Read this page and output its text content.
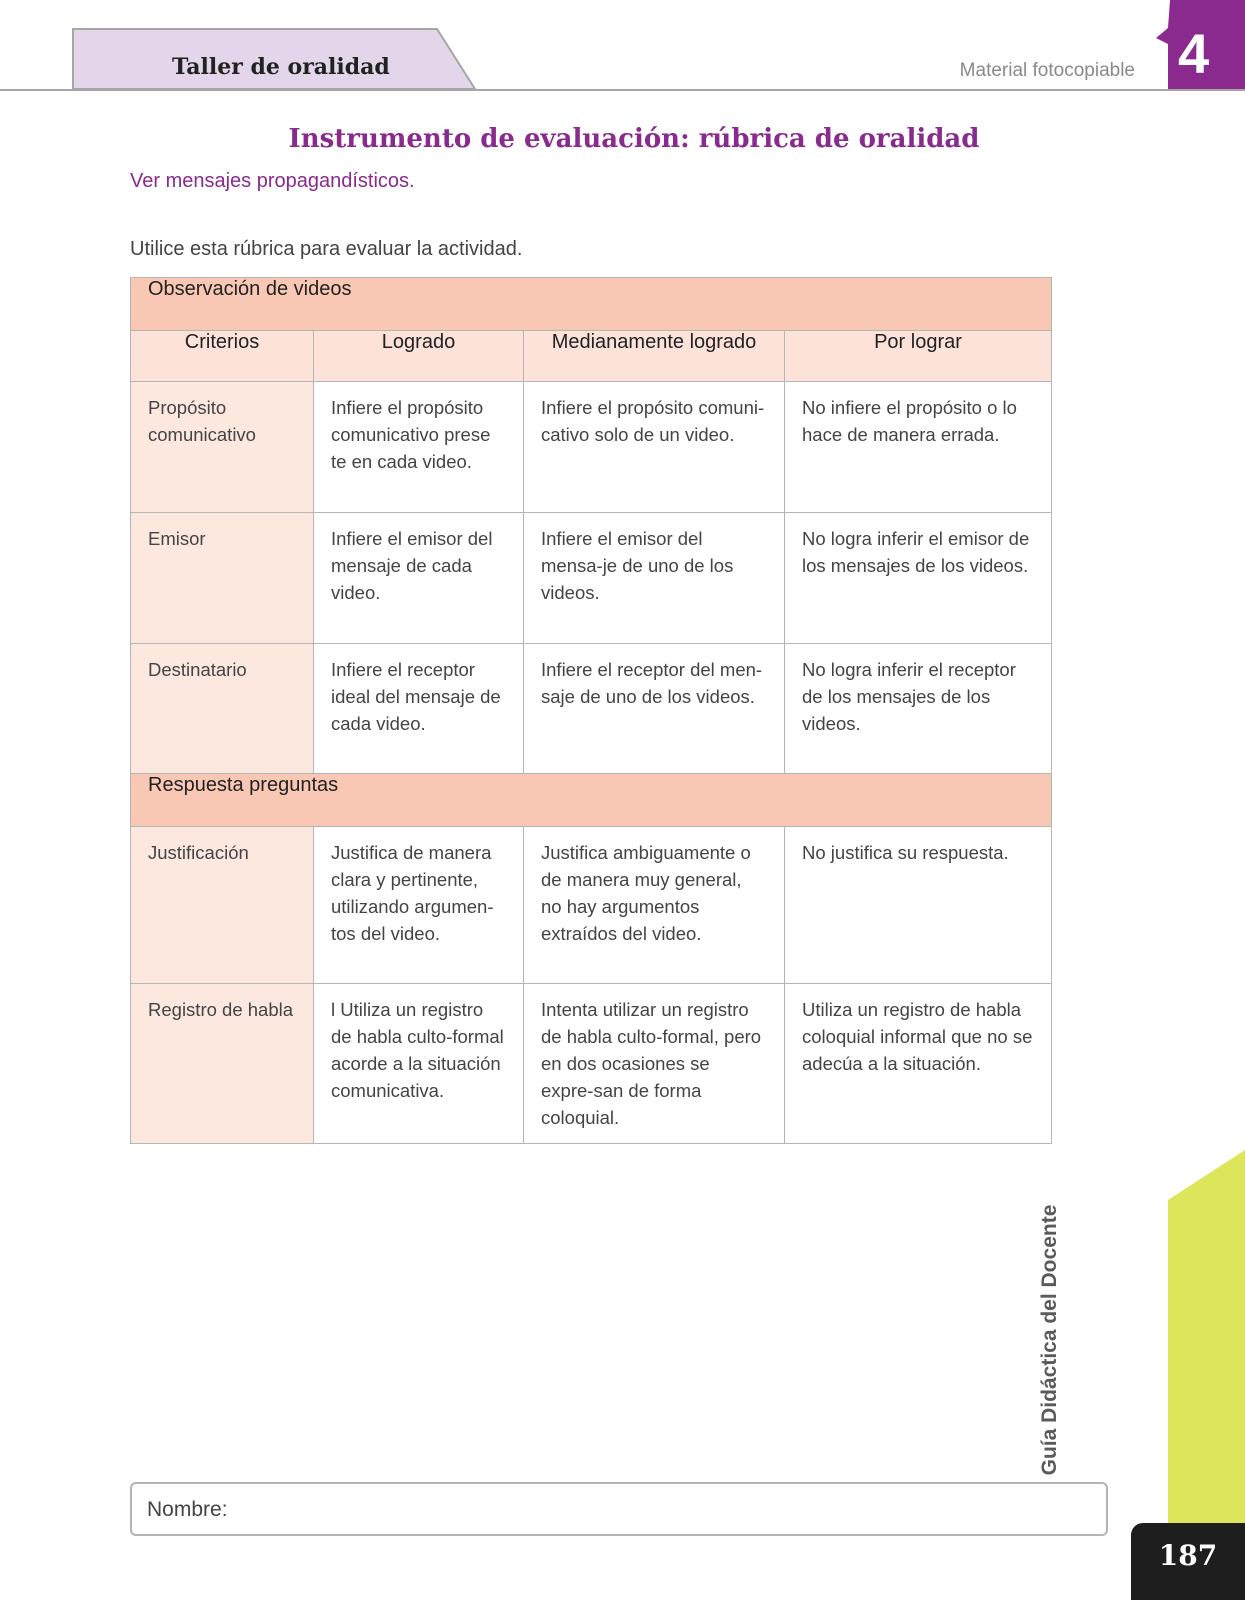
Taller de oralidad	Material fotocopiable 4
Instrumento de evaluación: rúbrica de oralidad
Ver mensajes propagandísticos.
Utilice esta rúbrica para evaluar la actividad.
Observación de videos			
Criterios	Logrado	Medianamente logrado	Por lograr
Propósito comunicativo	Infiere el propósito comunicativo prese te en cada video.	Infiere el propósito comuni-cativo solo de un video.	No infiere el propósito o lo hace de manera errada.
Emisor	Infiere el emisor del mensaje de cada video.	Infiere el emisor del mensa-je de uno de los videos.	No logra inferir el emisor de los mensajes de los videos.
Destinatario	Infiere el receptor ideal del mensaje de cada video.	Infiere el receptor del men-saje de uno de los videos.	No logra inferir el receptor de los mensajes de los videos.
Respuesta preguntas			
Justificación	Justifica de manera clara y pertinente, utilizando argumen-tos del video.	Justifica ambiguamente o de manera muy general, no hay argumentos extraídos del video.	No justifica su respuesta.
Registro de habla	l Utiliza un registro de habla culto-formal acorde a la situación comunicativa.	Intenta utilizar un registro de habla culto-formal, pero en dos ocasiones se expre-san de forma coloquial.	Utiliza un registro de habla coloquial informal que no se adecúa a la situación.
Nombre:
Guía Didáctica del Docente
187
